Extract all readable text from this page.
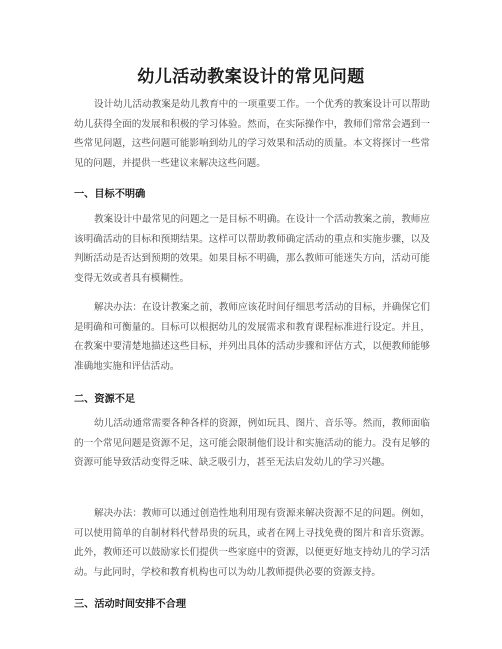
幼儿活动教案设计的常见问题

设计幼儿活动教案是幼儿教育中的一项重要工作。一个优秀的教案设计可以帮助幼儿获得全面的发展和积极的学习体验。然而，在实际操作中，教师们常常会遇到一些常见问题，这些问题可能影响到幼儿的学习效果和活动的质量。本文将探讨一些常见的问题，并提供一些建议来解决这些问题。

一、目标不明确

教案设计中最常见的问题之一是目标不明确。在设计一个活动教案之前，教师应该明确活动的目标和预期结果。这样可以帮助教师确定活动的重点和实施步骤，以及判断活动是否达到预期的效果。如果目标不明确，那么教师可能迷失方向，活动可能变得无效或者具有模糊性。

解决办法：在设计教案之前，教师应该花时间仔细思考活动的目标，并确保它们是明确和可衡量的。目标可以根据幼儿的发展需求和教育课程标准进行设定。并且，在教案中要清楚地描述这些目标，并列出具体的活动步骤和评估方式，以便教师能够准确地实施和评估活动。

二、资源不足

幼儿活动通常需要各种各样的资源，例如玩具、图片、音乐等。然而，教师面临的一个常见问题是资源不足，这可能会限制他们设计和实施活动的能力。没有足够的资源可能导致活动变得乏味、缺乏吸引力，甚至无法启发幼儿的学习兴趣。

解决办法：教师可以通过创造性地利用现有资源来解决资源不足的问题。例如，可以使用简单的自制材料代替昂贵的玩具，或者在网上寻找免费的图片和音乐资源。此外，教师还可以鼓励家长们提供一些家庭中的资源，以便更好地支持幼儿的学习活动。与此同时，学校和教育机构也可以为幼儿教师提供必要的资源支持。

三、活动时间安排不合理
